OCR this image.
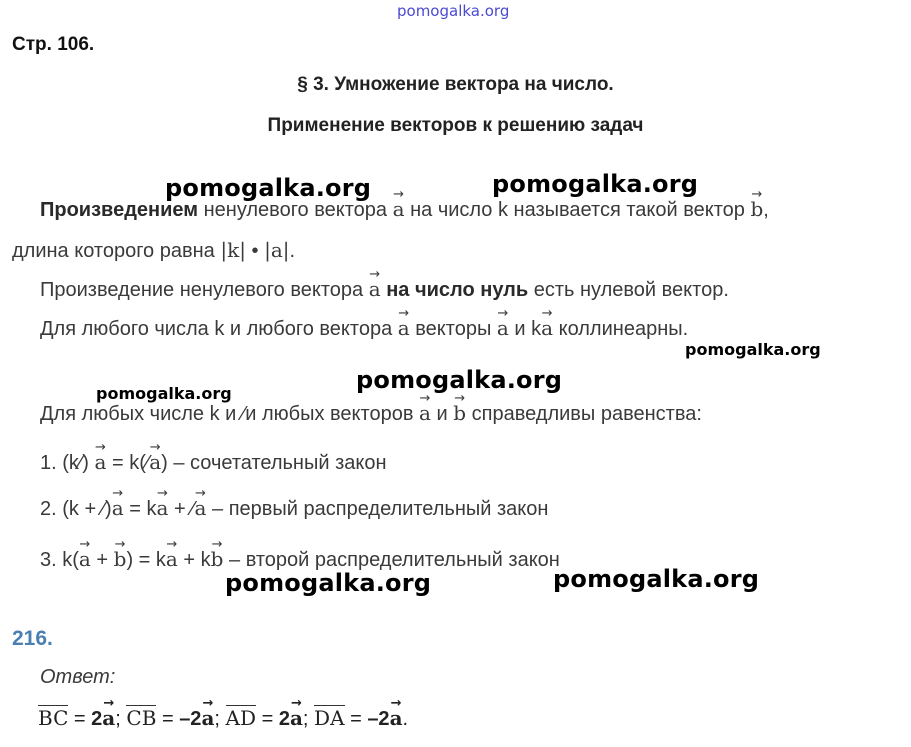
pomogalka.org
pomogalka.org	pomogalka.org
pomogalka.org
pomogalka.org	pomogalka.org
pomogalka.org	pomogalka.org
Стр. 106.
§ 3. Умножение вектора на число.
Применение векторов к решению задач
Произведением ненулевого вектора → a на число k называется такой вектор → b,
длина которого равна |k| • |a|.
Произведение ненулевого вектора → a на число нуль есть нулевой вектор.
Для любого числа k и любого вектора → a векторы → a и k→ a коллинеарны.
Для любых числе k и ⁄и любых векторов → a и → b справедливы равенства:
1. (k⁄) → a = k(⁄→ a) – сочетательный закон
2. (k + ⁄)→ a = k→ a + ⁄→ a – первый распределительный закон
3. k(→ a + → b) = k→ a + k→ b – второй распределительный закон
216.
Ответ:
BC = 2→ a; CB = –2→ a; AD = 2→ a; DA = –2→ a.
